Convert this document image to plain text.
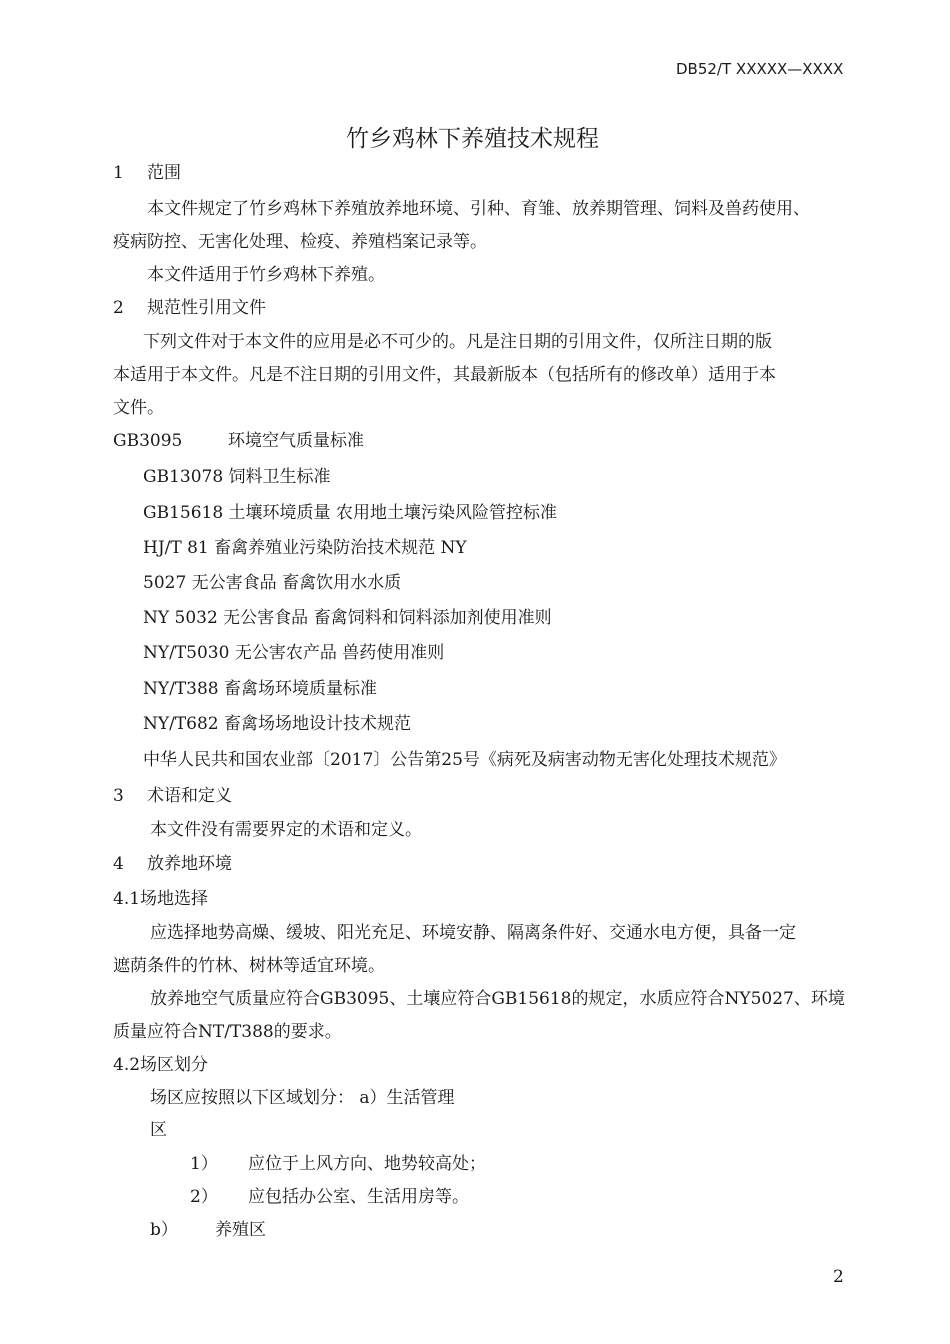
DB52/T XXXXX—XXXX
竹乡鸡林下养殖技术规程
1 范围
本文件规定了竹乡鸡林下养殖放养地环境、引种、育雏、放养期管理、饲料及兽药使用、
疫病防控、无害化处理、检疫、养殖档案记录等。
本文件适用于竹乡鸡林下养殖。
2 规范性引用文件
下列文件对于本文件的应用是必不可少的。凡是注日期的引用文件，仅所注日期的版
本适用于本文件。凡是不注日期的引用文件，其最新版本（包括所有的修改单）适用于本
文件。
GB3095	环境空气质量标准
GB13078 饲料卫生标准
GB15618 土壤环境质量 农用地土壤污染风险管控标准
HJ/T 81 畜禽养殖业污染防治技术规范 NY
5027 无公害食品 畜禽饮用水水质
NY 5032 无公害食品 畜禽饲料和饲料添加剂使用准则
NY/T5030 无公害农产品 兽药使用准则
NY/T388 畜禽场环境质量标准
NY/T682 畜禽场场地设计技术规范
中华人民共和国农业部〔2017〕公告第25号《病死及病害动物无害化处理技术规范》
3 术语和定义
本文件没有需要界定的术语和定义。
4 放养地环境
4.1场地选择
应选择地势高燥、缓坡、阳光充足、环境安静、隔离条件好、交通水电方便，具备一定
遮荫条件的竹林、树林等适宜环境。
放养地空气质量应符合GB3095、土壤应符合GB15618的规定，水质应符合NY5027、环境
质量应符合NT/T388的要求。
4.2场区划分
场区应按照以下区域划分： a）生活管理
区
1） 应位于上风方向、地势较高处；
2） 应包括办公室、生活用房等。
b） 养殖区
2
